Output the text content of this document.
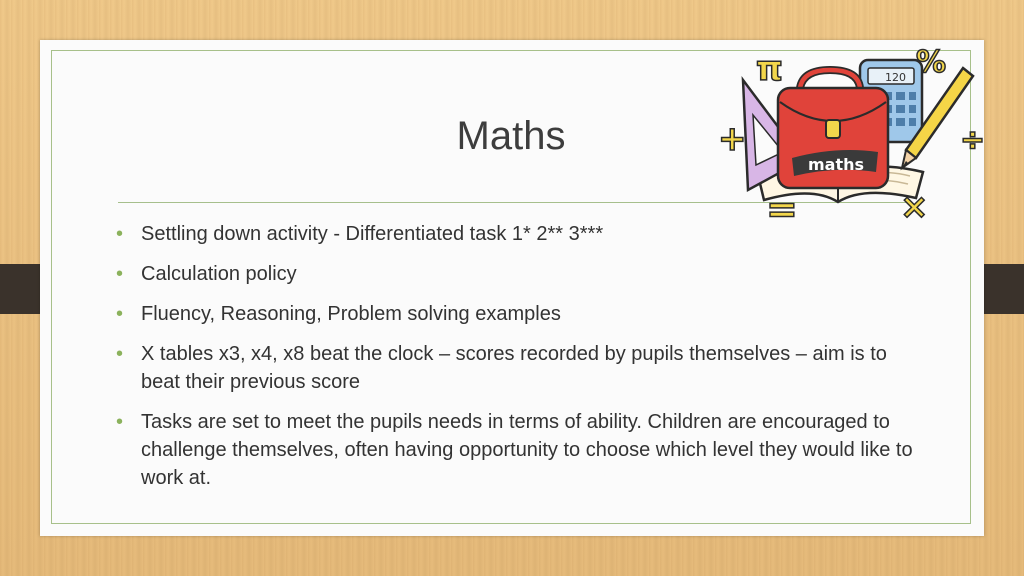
Maths
• Settling down activity - Differentiated task 1* 2** 3***
• Calculation policy
• Fluency, Reasoning, Problem solving examples
• X tables x3, x4, x8 beat the clock – scores recorded by pupils themselves – aim is to beat their previous score
• Tasks are set to meet the pupils needs in terms of ability. Children are encouraged to challenge themselves, often having opportunity to choose which level they would like to work at.
π	120 %
maths
+	÷
=	×
